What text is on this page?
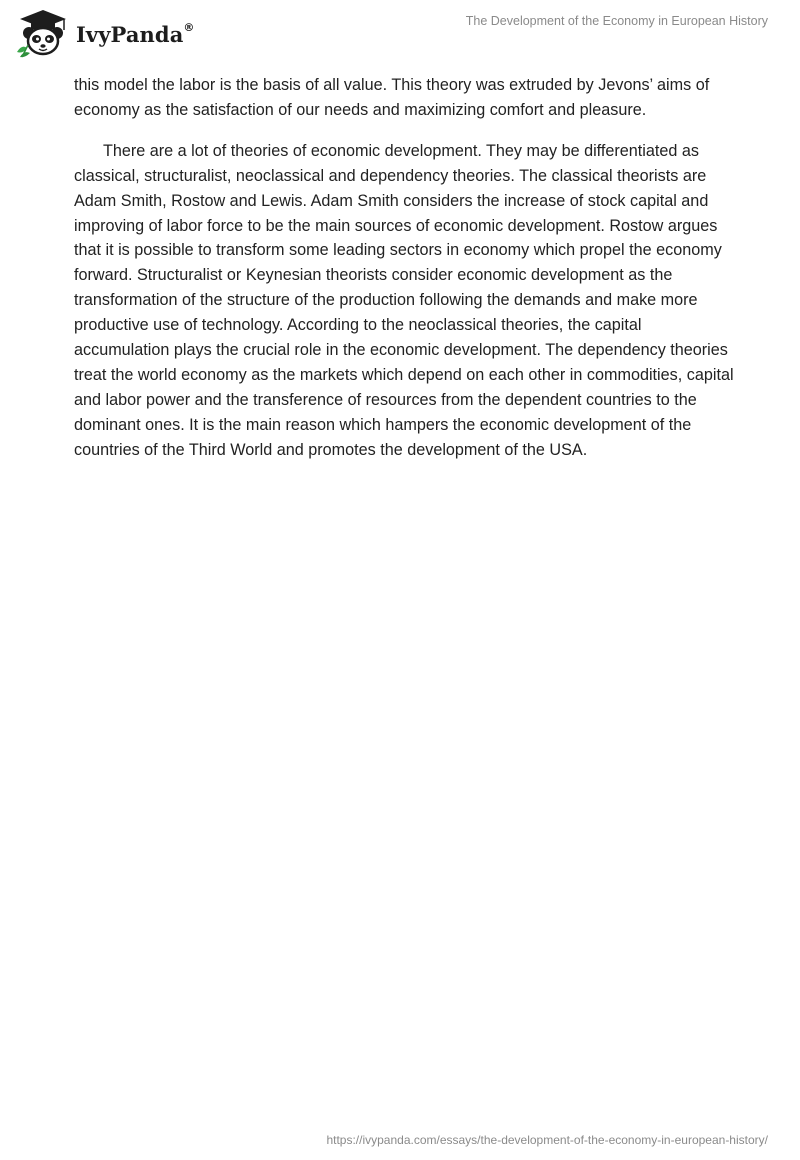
IvyPanda®	The Development of the Economy in European History

this model the labor is the basis of all value. This theory was extruded by Jevons’ aims of economy as the satisfaction of our needs and maximizing comfort and pleasure.

There are a lot of theories of economic development. They may be differentiated as classical, structuralist, neoclassical and dependency theories. The classical theorists are Adam Smith, Rostow and Lewis. Adam Smith considers the increase of stock capital and improving of labor force to be the main sources of economic development. Rostow argues that it is possible to transform some leading sectors in economy which propel the economy forward. Structuralist or Keynesian theorists consider economic development as the transformation of the structure of the production following the demands and make more productive use of technology. According to the neoclassical theories, the capital accumulation plays the crucial role in the economic development. The dependency theories treat the world economy as the markets which depend on each other in commodities, capital and labor power and the transference of resources from the dependent countries to the dominant ones. It is the main reason which hampers the economic development of the countries of the Third World and promotes the development of the USA.

https://ivypanda.com/essays/the-development-of-the-economy-in-european-history/
